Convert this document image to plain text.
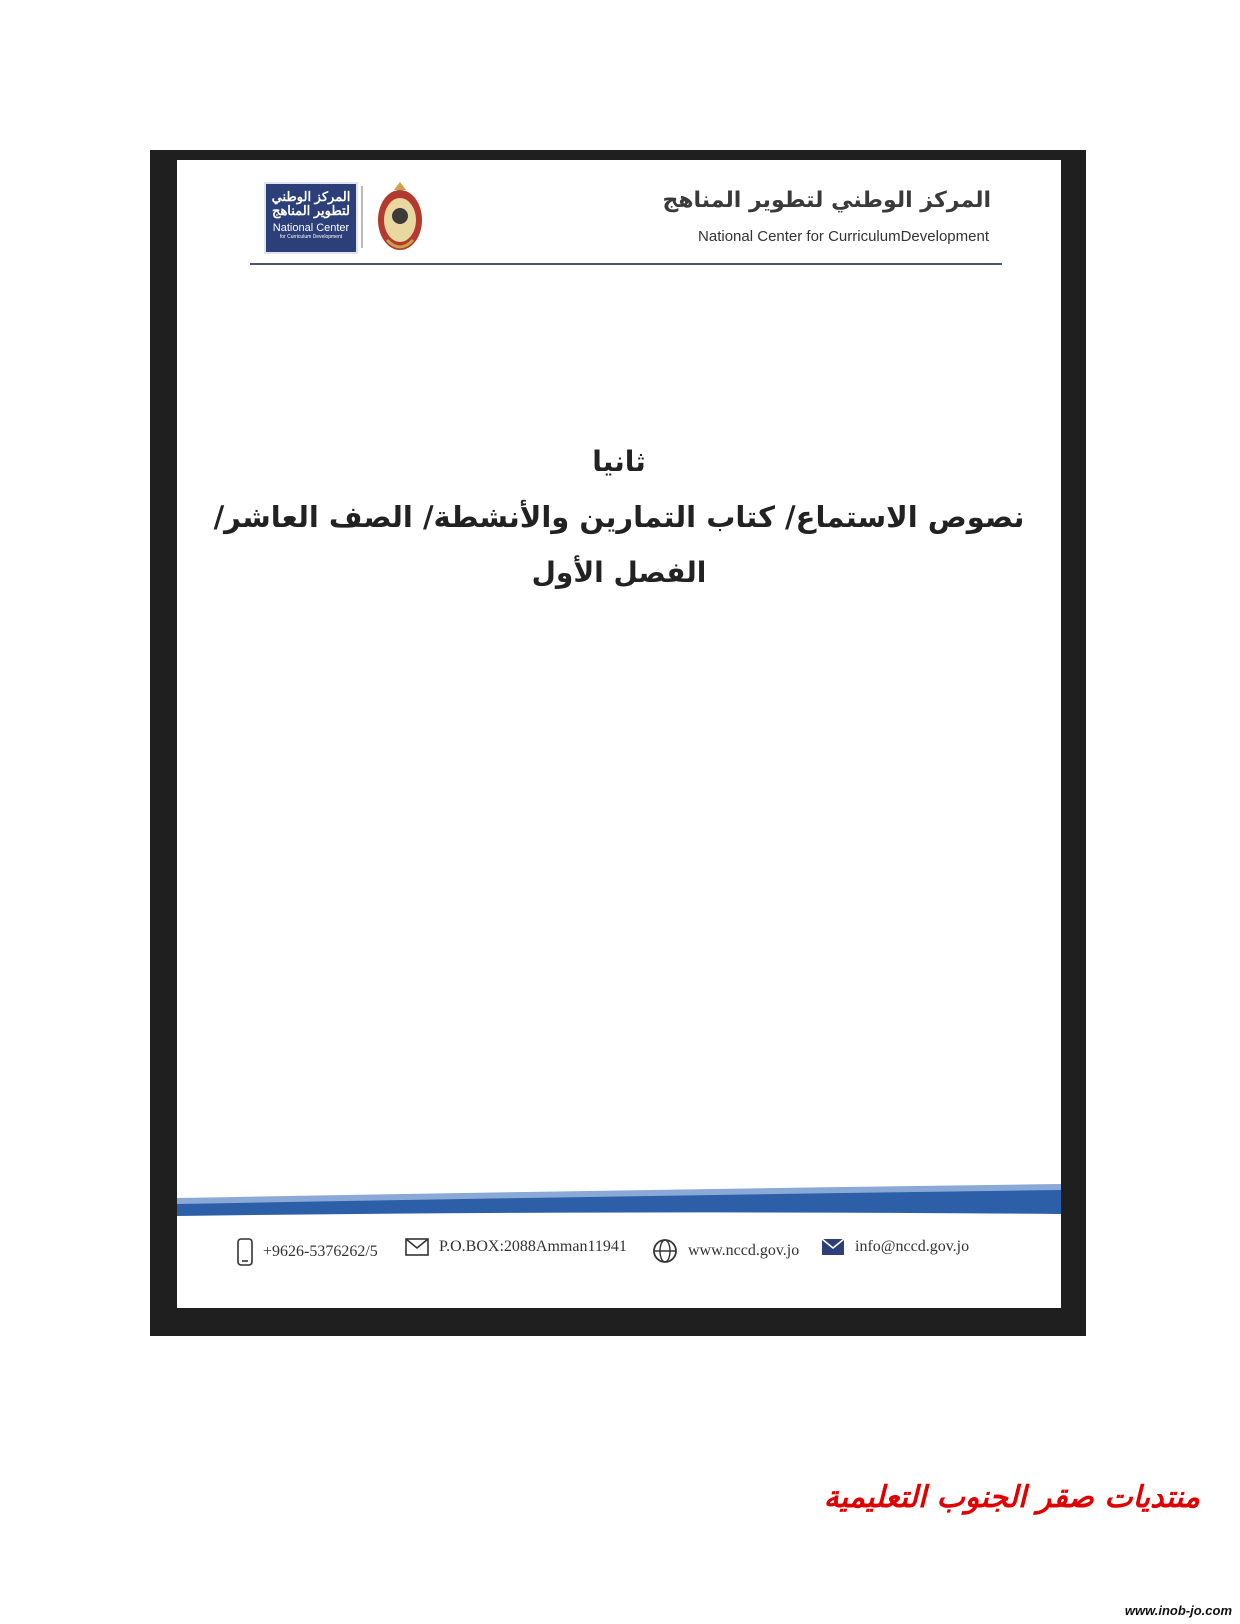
المركز الوطني لتطوير المناهج
National Center
for Curriculum Development
المركز الوطني لتطوير المناهج
National Center for CurriculumDevelopment
ثانيا
نصوص الاستماع/ كتاب التمارين والأنشطة/ الصف العاشر/
الفصل الأول
+9626-5376262/5	P.O.BOX:2088Amman11941	www.nccd.gov.jo	info@nccd.gov.jo
منتديات صقر الجنوب التعليمية
www.inob-jo.com
